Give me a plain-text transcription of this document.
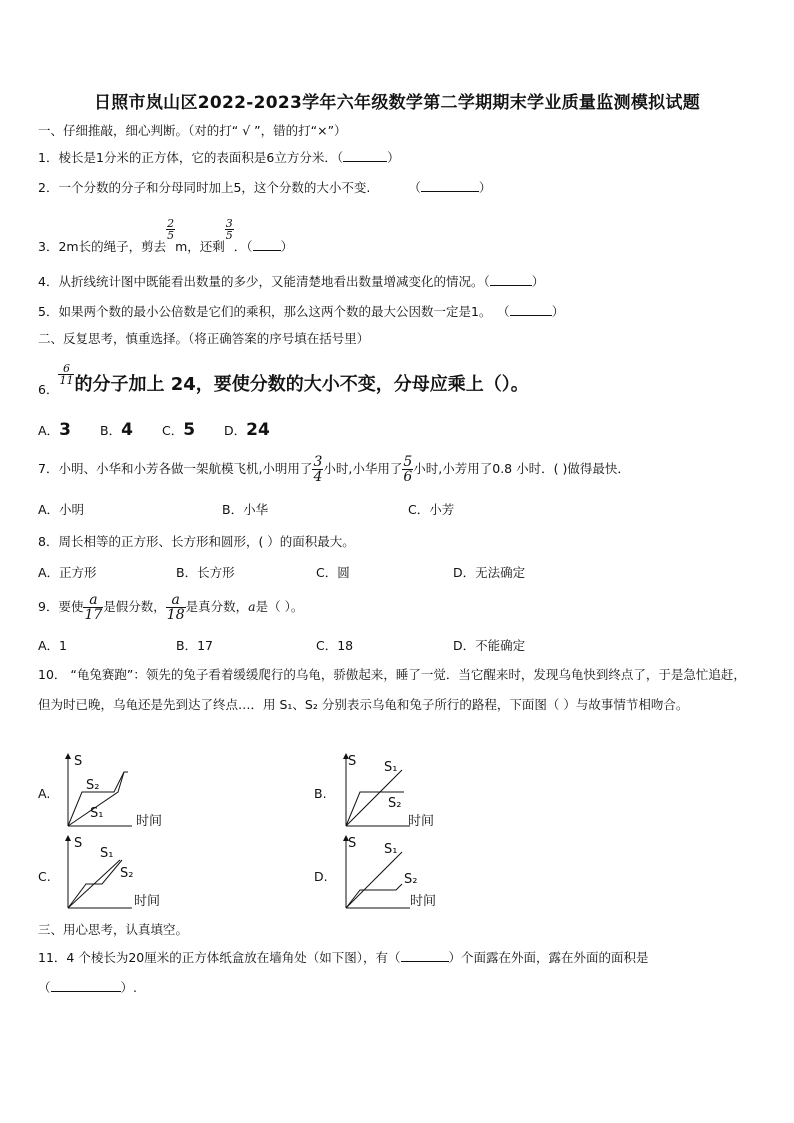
日照市岚山区2022-2023学年六年级数学第二学期期末学业质量监测模拟试题
一、仔细推敲，细心判断。（对的打“ √ ”，错的打“×”）
1．棱长是1分米的正方体，它的表面积是6立方分米．（	）
2．一个分数的分子和分母同时加上5，这个分数的大小不变.	（	）
3．2m长的绳子，剪去
$\frac{2}{5}$
m，还剩
$\frac{3}{5}$
．（ ）
4．从折线统计图中既能看出数量的多少，又能清楚地看出数量增减变化的情况。（	）
5．如果两个数的最小公倍数是它们的乘积，那么这两个数的最大公因数一定是1。 （	）
二、反复思考，慎重选择。（将正确答案的序号填在括号里）
6．
$\frac{6}{11}$ 的分子加上 24，要使分数的大小不变，分母应乘上（）。
A．3 B．4 C．5 D．24
7．小明、小华和小芳各做一架航模飞机,小明用了 $\frac{3}{4}$ 小时,小华用了 $\frac{5}{6}$ 小时,小芳用了0.8 小时．( )做得最快．
A．小明	B．小华	C．小芳
8．周长相等的正方形、长方形和圆形，( ）的面积最大。
A．正方形	B．长方形	C．圆	D．无法确定
9．要使 $\frac{a}{17}$ 是假分数， $\frac{a}{18}$ 是真分数，a是（ ）。
A．1	B．17	C．18	D．不能确定
10． “龟兔赛跑”：领先的兔子看着缓缓爬行的乌龟，骄傲起来，睡了一觉．当它醒来时，发现乌龟快到终点了，于是急忙追赶，但为时已晚，乌龟还是先到达了终点…．用 S₁、S₂ 分别表示乌龟和兔子所行的路程，下面图（ ）与故事情节相吻合。
A.
S
S₂
S₁
时间
B.
S S₁
S₂
时间
C.
S
S₁
S₂
时间
D.
S S₁
S₂
时间
三、用心思考，认真填空。
11．4 个棱长为20厘米的正方体纸盒放在墙角处（如下图），有（	）个面露在外面，露在外面的面积是
（	）.
